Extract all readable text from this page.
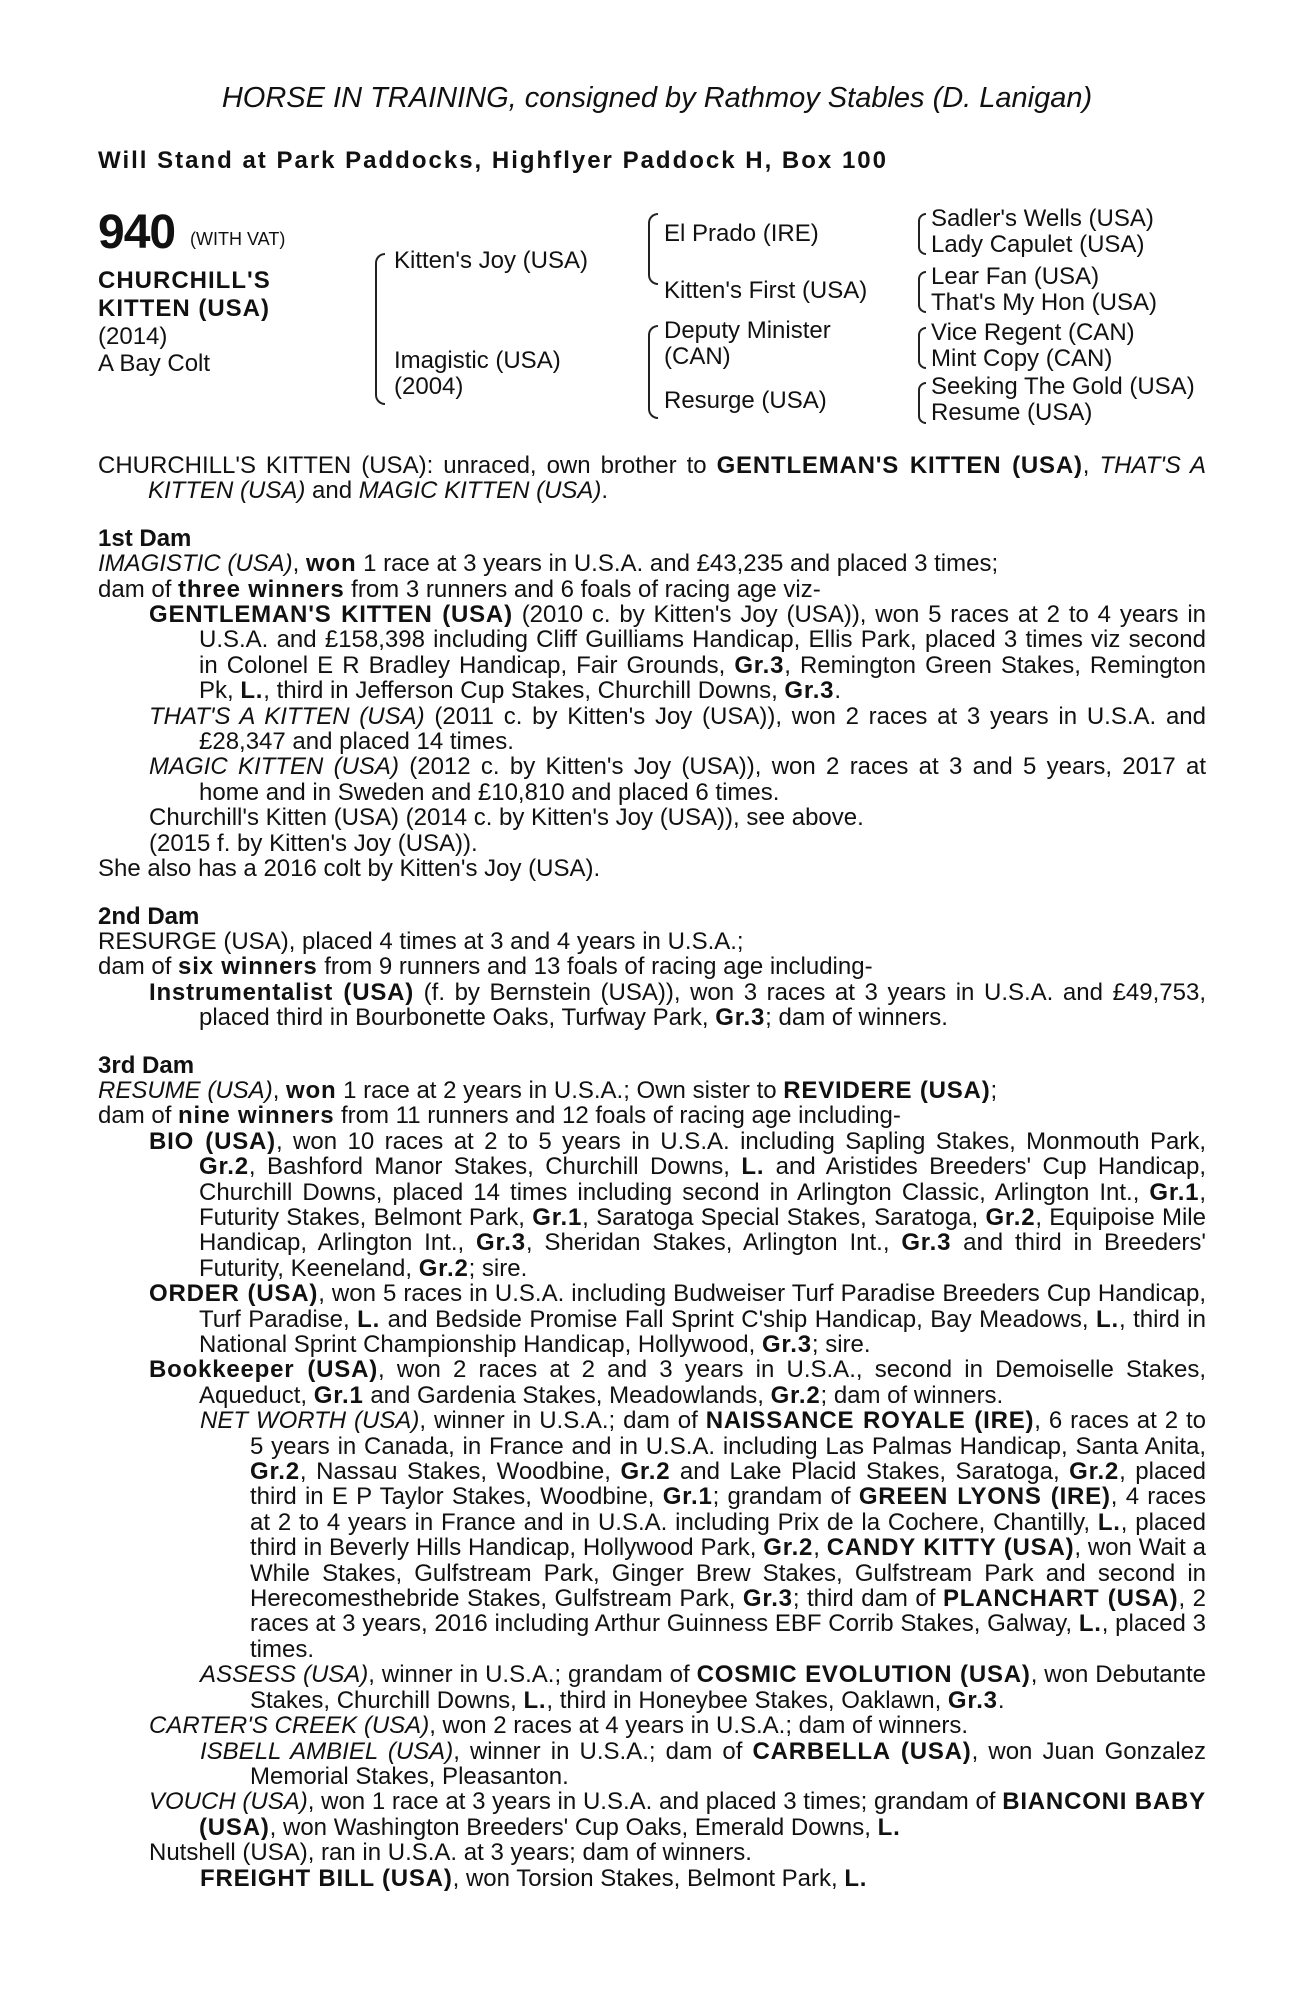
HORSE IN TRAINING, consigned by Rathmoy Stables (D. Lanigan)
Will Stand at Park Paddocks, Highflyer Paddock H, Box 100
940 (WITH VAT)
CHURCHILL'S
KITTEN (USA)
(2014)
A Bay Colt
Kitten's Joy (USA)
Imagistic (USA)
(2004)
El Prado (IRE)
Kitten's First (USA)
Deputy Minister
(CAN)
Resurge (USA)
Sadler's Wells (USA)
Lady Capulet (USA)
Lear Fan (USA)
That's My Hon (USA)
Vice Regent (CAN)
Mint Copy (CAN)
Seeking The Gold (USA)
Resume (USA)

CHURCHILL'S KITTEN (USA): unraced, own brother to GENTLEMAN'S KITTEN (USA), THAT'S A KITTEN (USA) and MAGIC KITTEN (USA).

1st Dam

IMAGISTIC (USA), won 1 race at 3 years in U.S.A. and £43,235 and placed 3 times;

dam of three winners from 3 runners and 6 foals of racing age viz-

GENTLEMAN'S KITTEN (USA) (2010 c. by Kitten's Joy (USA)), won 5 races at 2 to 4 years in U.S.A. and £158,398 including Cliff Guilliams Handicap, Ellis Park, placed 3 times viz second in Colonel E R Bradley Handicap, Fair Grounds, Gr.3, Remington Green Stakes, Remington Pk, L., third in Jefferson Cup Stakes, Churchill Downs, Gr.3.

THAT'S A KITTEN (USA) (2011 c. by Kitten's Joy (USA)), won 2 races at 3 years in U.S.A. and £28,347 and placed 14 times.

MAGIC KITTEN (USA) (2012 c. by Kitten's Joy (USA)), won 2 races at 3 and 5 years, 2017 at home and in Sweden and £10,810 and placed 6 times.

Churchill's Kitten (USA) (2014 c. by Kitten's Joy (USA)), see above.

(2015 f. by Kitten's Joy (USA)).

She also has a 2016 colt by Kitten's Joy (USA).

2nd Dam

RESURGE (USA), placed 4 times at 3 and 4 years in U.S.A.;

dam of six winners from 9 runners and 13 foals of racing age including-

Instrumentalist (USA) (f. by Bernstein (USA)), won 3 races at 3 years in U.S.A. and £49,753, placed third in Bourbonette Oaks, Turfway Park, Gr.3; dam of winners.

3rd Dam

RESUME (USA), won 1 race at 2 years in U.S.A.; Own sister to REVIDERE (USA);

dam of nine winners from 11 runners and 12 foals of racing age including-

BIO (USA), won 10 races at 2 to 5 years in U.S.A. including Sapling Stakes, Monmouth Park, Gr.2, Bashford Manor Stakes, Churchill Downs, L. and Aristides Breeders' Cup Handicap, Churchill Downs, placed 14 times including second in Arlington Classic, Arlington Int., Gr.1, Futurity Stakes, Belmont Park, Gr.1, Saratoga Special Stakes, Saratoga, Gr.2, Equipoise Mile Handicap, Arlington Int., Gr.3, Sheridan Stakes, Arlington Int., Gr.3 and third in Breeders' Futurity, Keeneland, Gr.2; sire.

ORDER (USA), won 5 races in U.S.A. including Budweiser Turf Paradise Breeders Cup Handicap, Turf Paradise, L. and Bedside Promise Fall Sprint C'ship Handicap, Bay Meadows, L., third in National Sprint Championship Handicap, Hollywood, Gr.3; sire.

Bookkeeper (USA), won 2 races at 2 and 3 years in U.S.A., second in Demoiselle Stakes, Aqueduct, Gr.1 and Gardenia Stakes, Meadowlands, Gr.2; dam of winners.

NET WORTH (USA), winner in U.S.A.; dam of NAISSANCE ROYALE (IRE), 6 races at 2 to 5 years in Canada, in France and in U.S.A. including Las Palmas Handicap, Santa Anita, Gr.2, Nassau Stakes, Woodbine, Gr.2 and Lake Placid Stakes, Saratoga, Gr.2, placed third in E P Taylor Stakes, Woodbine, Gr.1; grandam of GREEN LYONS (IRE), 4 races at 2 to 4 years in France and in U.S.A. including Prix de la Cochere, Chantilly, L., placed third in Beverly Hills Handicap, Hollywood Park, Gr.2, CANDY KITTY (USA), won Wait a While Stakes, Gulfstream Park, Ginger Brew Stakes, Gulfstream Park and second in Herecomesthebride Stakes, Gulfstream Park, Gr.3; third dam of PLANCHART (USA), 2 races at 3 years, 2016 including Arthur Guinness EBF Corrib Stakes, Galway, L., placed 3 times.

ASSESS (USA), winner in U.S.A.; grandam of COSMIC EVOLUTION (USA), won Debutante Stakes, Churchill Downs, L., third in Honeybee Stakes, Oaklawn, Gr.3.

CARTER'S CREEK (USA), won 2 races at 4 years in U.S.A.; dam of winners.

ISBELL AMBIEL (USA), winner in U.S.A.; dam of CARBELLA (USA), won Juan Gonzalez Memorial Stakes, Pleasanton.

VOUCH (USA), won 1 race at 3 years in U.S.A. and placed 3 times; grandam of BIANCONI BABY (USA), won Washington Breeders' Cup Oaks, Emerald Downs, L.

Nutshell (USA), ran in U.S.A. at 3 years; dam of winners.

FREIGHT BILL (USA), won Torsion Stakes, Belmont Park, L.
